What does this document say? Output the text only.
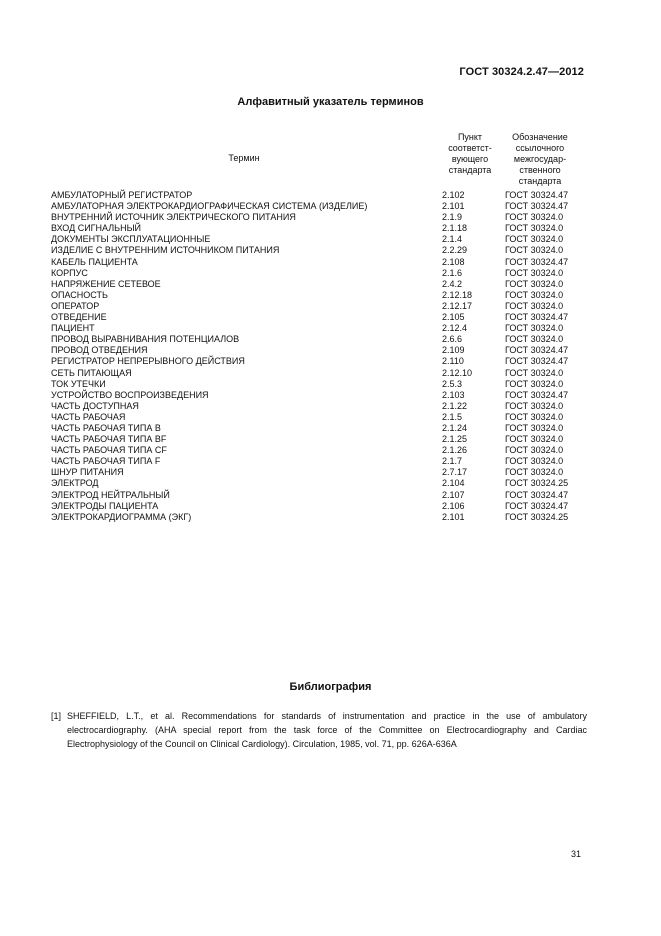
ГОСТ 30324.2.47—2012
Алфавитный указатель терминов
Термин
Пункт
соответст-
вующего
стандарта
Обозначение
ссылочного
межгосудар-
ственного
стандарта
АМБУЛАТОРНЫЙ РЕГИСТРАТОР	2.102	ГОСТ 30324.47
АМБУЛАТОРНАЯ ЭЛЕКТРОКАРДИОГРАФИЧЕСКАЯ СИСТЕМА (ИЗДЕЛИЕ)	2.101	ГОСТ 30324.47
ВНУТРЕННИЙ ИСТОЧНИК ЭЛЕКТРИЧЕСКОГО ПИТАНИЯ	2.1.9	ГОСТ 30324.0
ВХОД СИГНАЛЬНЫЙ	2.1.18	ГОСТ 30324.0
ДОКУМЕНТЫ ЭКСПЛУАТАЦИОННЫЕ	2.1.4	ГОСТ 30324.0
ИЗДЕЛИЕ С ВНУТРЕННИМ ИСТОЧНИКОМ ПИТАНИЯ	2.2.29	ГОСТ 30324.0
КАБЕЛЬ ПАЦИЕНТА	2.108	ГОСТ 30324.47
КОРПУС	2.1.6	ГОСТ 30324.0
НАПРЯЖЕНИЕ СЕТЕВОЕ	2.4.2	ГОСТ 30324.0
ОПАСНОСТЬ	2.12.18	ГОСТ 30324.0
ОПЕРАТОР	2.12.17	ГОСТ 30324.0
ОТВЕДЕНИЕ	2.105	ГОСТ 30324.47
ПАЦИЕНТ	2.12.4	ГОСТ 30324.0
ПРОВОД ВЫРАВНИВАНИЯ ПОТЕНЦИАЛОВ	2.6.6	ГОСТ 30324.0
ПРОВОД ОТВЕДЕНИЯ	2.109	ГОСТ 30324.47
РЕГИСТРАТОР НЕПРЕРЫВНОГО ДЕЙСТВИЯ	2.110	ГОСТ 30324.47
СЕТЬ ПИТАЮЩАЯ	2.12.10	ГОСТ 30324.0
ТОК УТЕЧКИ	2.5.3	ГОСТ 30324.0
УСТРОЙСТВО ВОСПРОИЗВЕДЕНИЯ	2.103	ГОСТ 30324.47
ЧАСТЬ ДОСТУПНАЯ	2.1.22	ГОСТ 30324.0
ЧАСТЬ РАБОЧАЯ	2.1.5	ГОСТ 30324.0
ЧАСТЬ РАБОЧАЯ ТИПА В	2.1.24	ГОСТ 30324.0
ЧАСТЬ РАБОЧАЯ ТИПА BF	2.1.25	ГОСТ 30324.0
ЧАСТЬ РАБОЧАЯ ТИПА CF	2.1.26	ГОСТ 30324.0
ЧАСТЬ РАБОЧАЯ ТИПА F	2.1.7	ГОСТ 30324.0
ШНУР ПИТАНИЯ	2.7.17	ГОСТ 30324.0
ЭЛЕКТРОД	2.104	ГОСТ 30324.25
ЭЛЕКТРОД НЕЙТРАЛЬНЫЙ	2.107	ГОСТ 30324.47
ЭЛЕКТРОДЫ ПАЦИЕНТА	2.106	ГОСТ 30324.47
ЭЛЕКТРОКАРДИОГРАММА (ЭКГ)	2.101	ГОСТ 30324.25
Библиография
[1] SHEFFIELD, L.T., et al. Recommendations for standards of instrumentation and practice in the use of ambulatory electrocardiography. (AHA special report from the task force of the Committee on Electrocardiography and Cardiac Electrophysiology of the Council on Clinical Cardiology). Circulation, 1985, vol. 71, pp. 626A-636A
31
